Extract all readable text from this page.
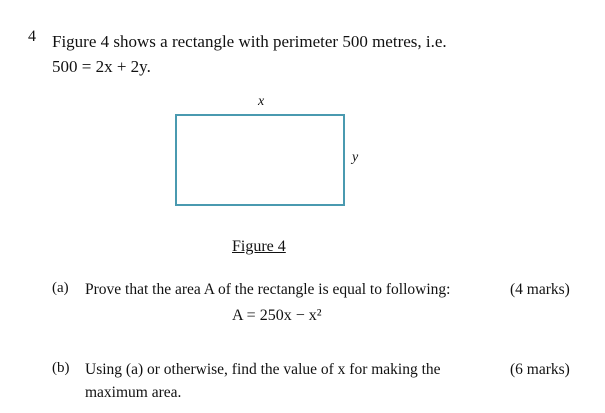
4 Figure 4 shows a rectangle with perimeter 500 metres, i.e.
500 = 2x + 2y.
x
y
Figure 4
(a) Prove that the area A of the rectangle is equal to following:	(4 marks)
A = 250x − x²
(b) Using (a) or otherwise, find the value of x for making the
maximum area.
(6 marks)
